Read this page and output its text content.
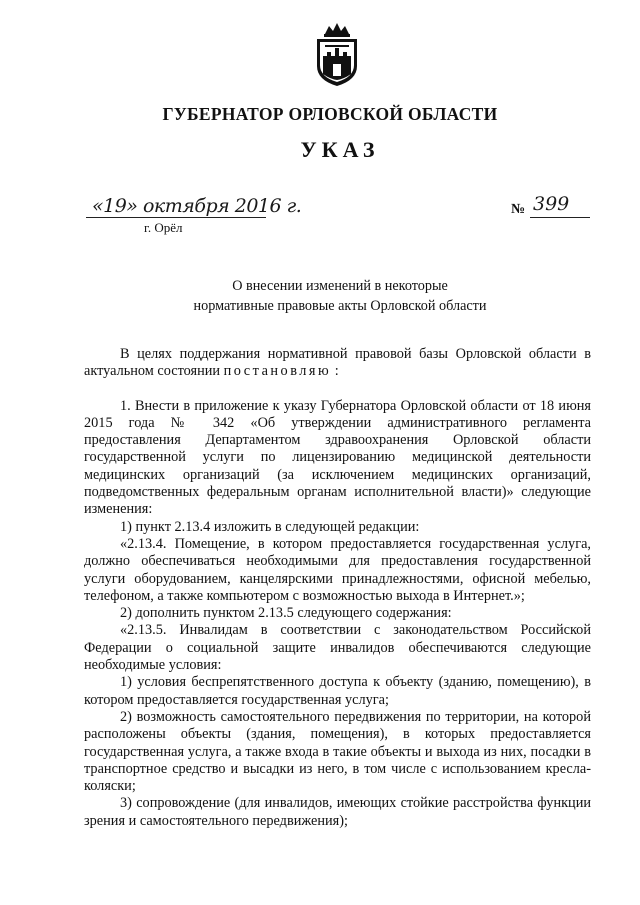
ГУБЕРНАТОР ОРЛОВСКОЙ ОБЛАСТИ
УКАЗ
«19» октября 2016 г.
г. Орёл
№ 399
О внесении изменений в некоторые
нормативные правовые акты Орловской области

В целях поддержания нормативной правовой базы Орловской области в актуальном состоянии постановляю :

1. Внести в приложение к указу Губернатора Орловской области от 18 июня 2015 года № 342 «Об утверждении административного регламента предоставления Департаментом здравоохранения Орловской области государственной услуги по лицензированию медицинской деятельности медицинских организаций (за исключением медицинских организаций, подведомственных федеральным органам исполнительной власти)» следующие изменения:

1) пункт 2.13.4 изложить в следующей редакции:

«2.13.4. Помещение, в котором предоставляется государственная услуга, должно обеспечиваться необходимыми для предоставления государственной услуги оборудованием, канцелярскими принадлежностями, офисной мебелью, телефоном, а также компьютером с возможностью выхода в Интернет.»;

2) дополнить пунктом 2.13.5 следующего содержания:

«2.13.5. Инвалидам в соответствии с законодательством Российской Федерации о социальной защите инвалидов обеспечиваются следующие необходимые условия:

1) условия беспрепятственного доступа к объекту (зданию, помещению), в котором предоставляется государственная услуга;

2) возможность самостоятельного передвижения по территории, на которой расположены объекты (здания, помещения), в которых предоставляется государственная услуга, а также входа в такие объекты и выхода из них, посадки в транспортное средство и высадки из него, в том числе с использованием кресла-коляски;

3) сопровождение (для инвалидов, имеющих стойкие расстройства функции зрения и самостоятельного передвижения);
